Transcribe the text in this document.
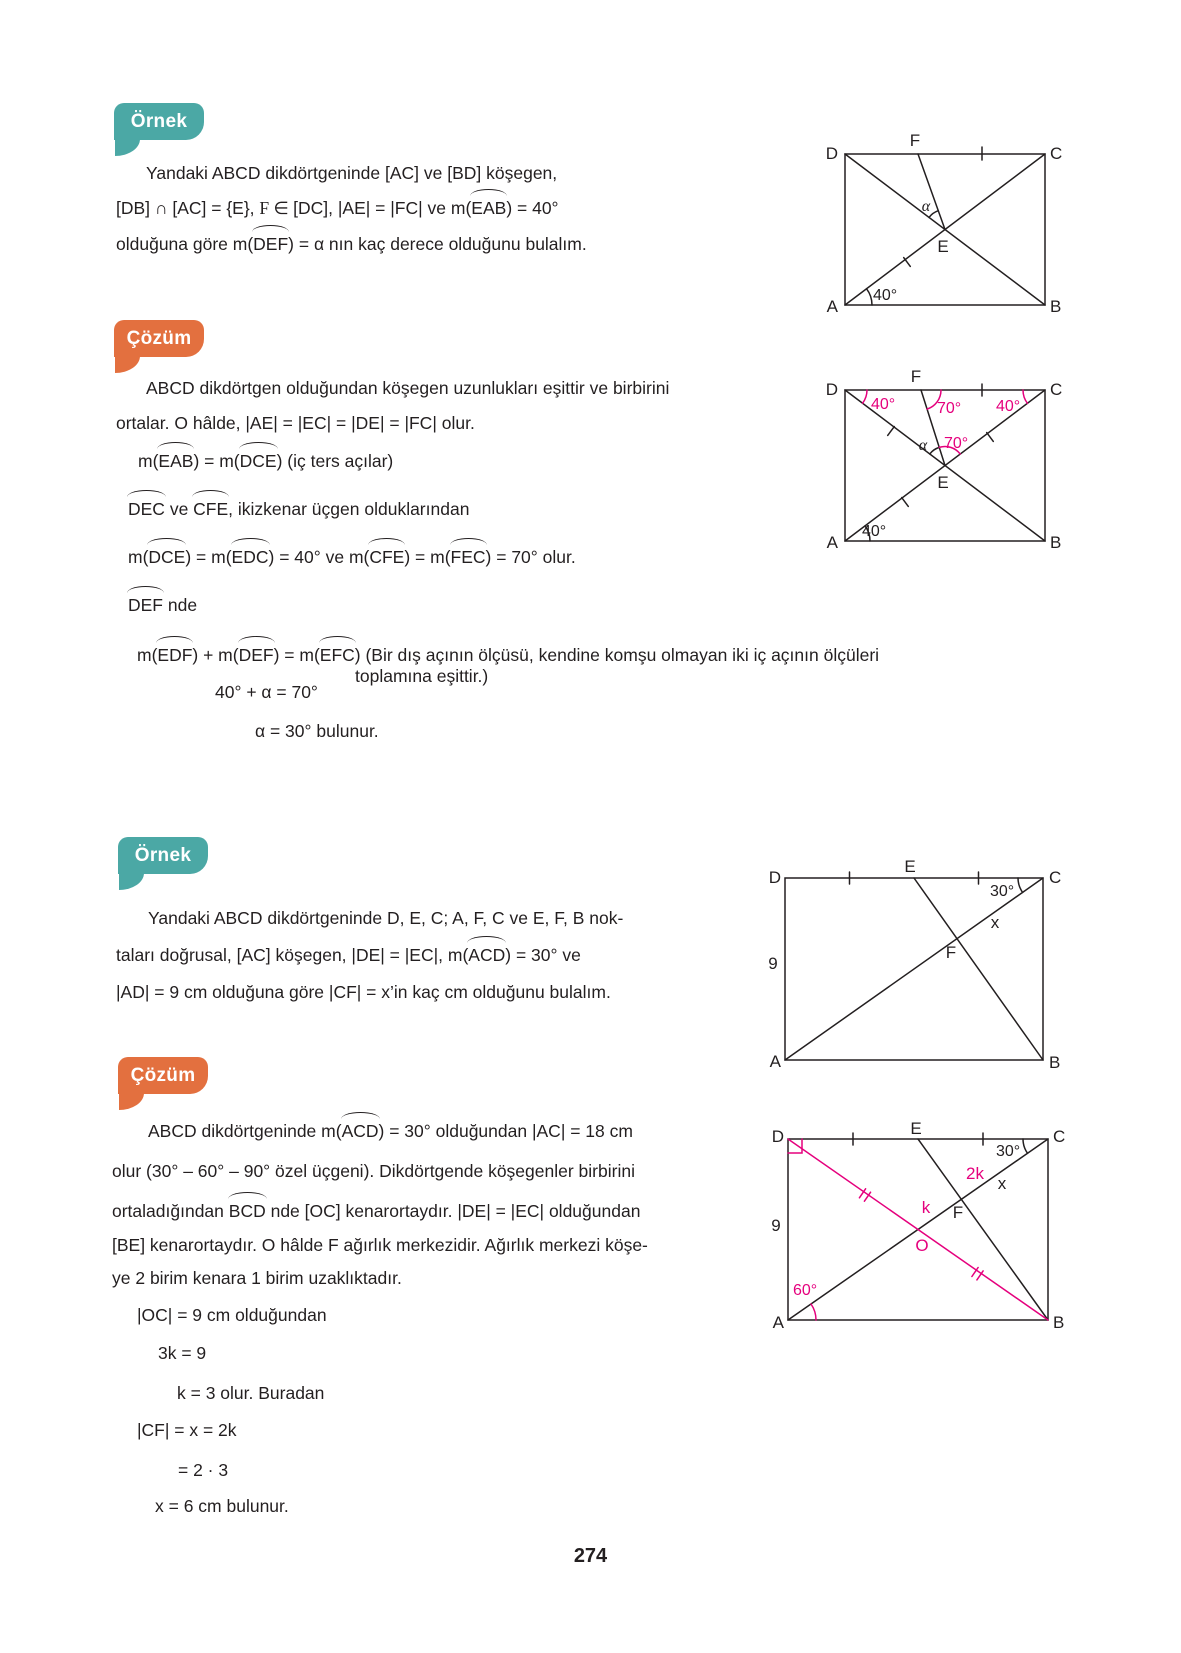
Örnek
Yandaki ABCD dikdörtgeninde [AC] ve [BD] köşegen,
[DB] ∩ [AC] = {E}, F ∈ [DC], |AE| = |FC| ve m(EAB) = 40°
olduğuna göre m(DEF) = α nın kaç derece olduğunu bulalım.
D
F
C
A	B
E
α
40°
Çözüm
ABCD dikdörtgen olduğundan köşegen uzunlukları eşittir ve birbirini
ortalar. O hâlde, |AE| = |EC| = |DE| = |FC| olur.
m(EAB) = m(DCE) (iç ters açılar)
DEC ve CFE, ikizkenar üçgen olduklarından
m(DCE) = m(EDC) = 40° ve m(CFE) = m(FEC) = 70° olur.
DEF nde
m(EDF) + m(DEF) = m(EFC) (Bir dış açının ölçüsü, kendine komşu olmayan iki iç açının ölçüleri
toplamına eşittir.)
40° + α = 70°
α = 30° bulunur.
D
F
C
A	B
E
α
40°	70° 40°
70°
40°
Örnek
Yandaki ABCD dikdörtgeninde D, E, C; A, F, C ve E, F, B nok-
taları doğrusal, [AC] köşegen, |DE| = |EC|, m(ACD) = 30° ve
|AD| = 9 cm olduğuna göre |CF| = x’in kaç cm olduğunu bulalım.
D
E
C
A	B
F
x
30°
9
Çözüm
ABCD dikdörtgeninde m(ACD) = 30° olduğundan |AC| = 18 cm
olur (30° – 60° – 90° özel üçgeni). Dikdörtgende köşegenler birbirini
ortaladığından BCD nde [OC] kenarortaydır. |DE| = |EC| olduğundan
[BE] kenarortaydır. O hâlde F ağırlık merkezidir. Ağırlık merkezi köşe-
ye 2 birim kenara 1 birim uzaklıktadır.
|OC| = 9 cm olduğundan
3k = 9
k = 3 olur. Buradan
|CF| = x = 2k
= 2 · 3
x = 6 cm bulunur.
D	E	C
A	B
F
O
k
2k
x
30°
60°
9
274
